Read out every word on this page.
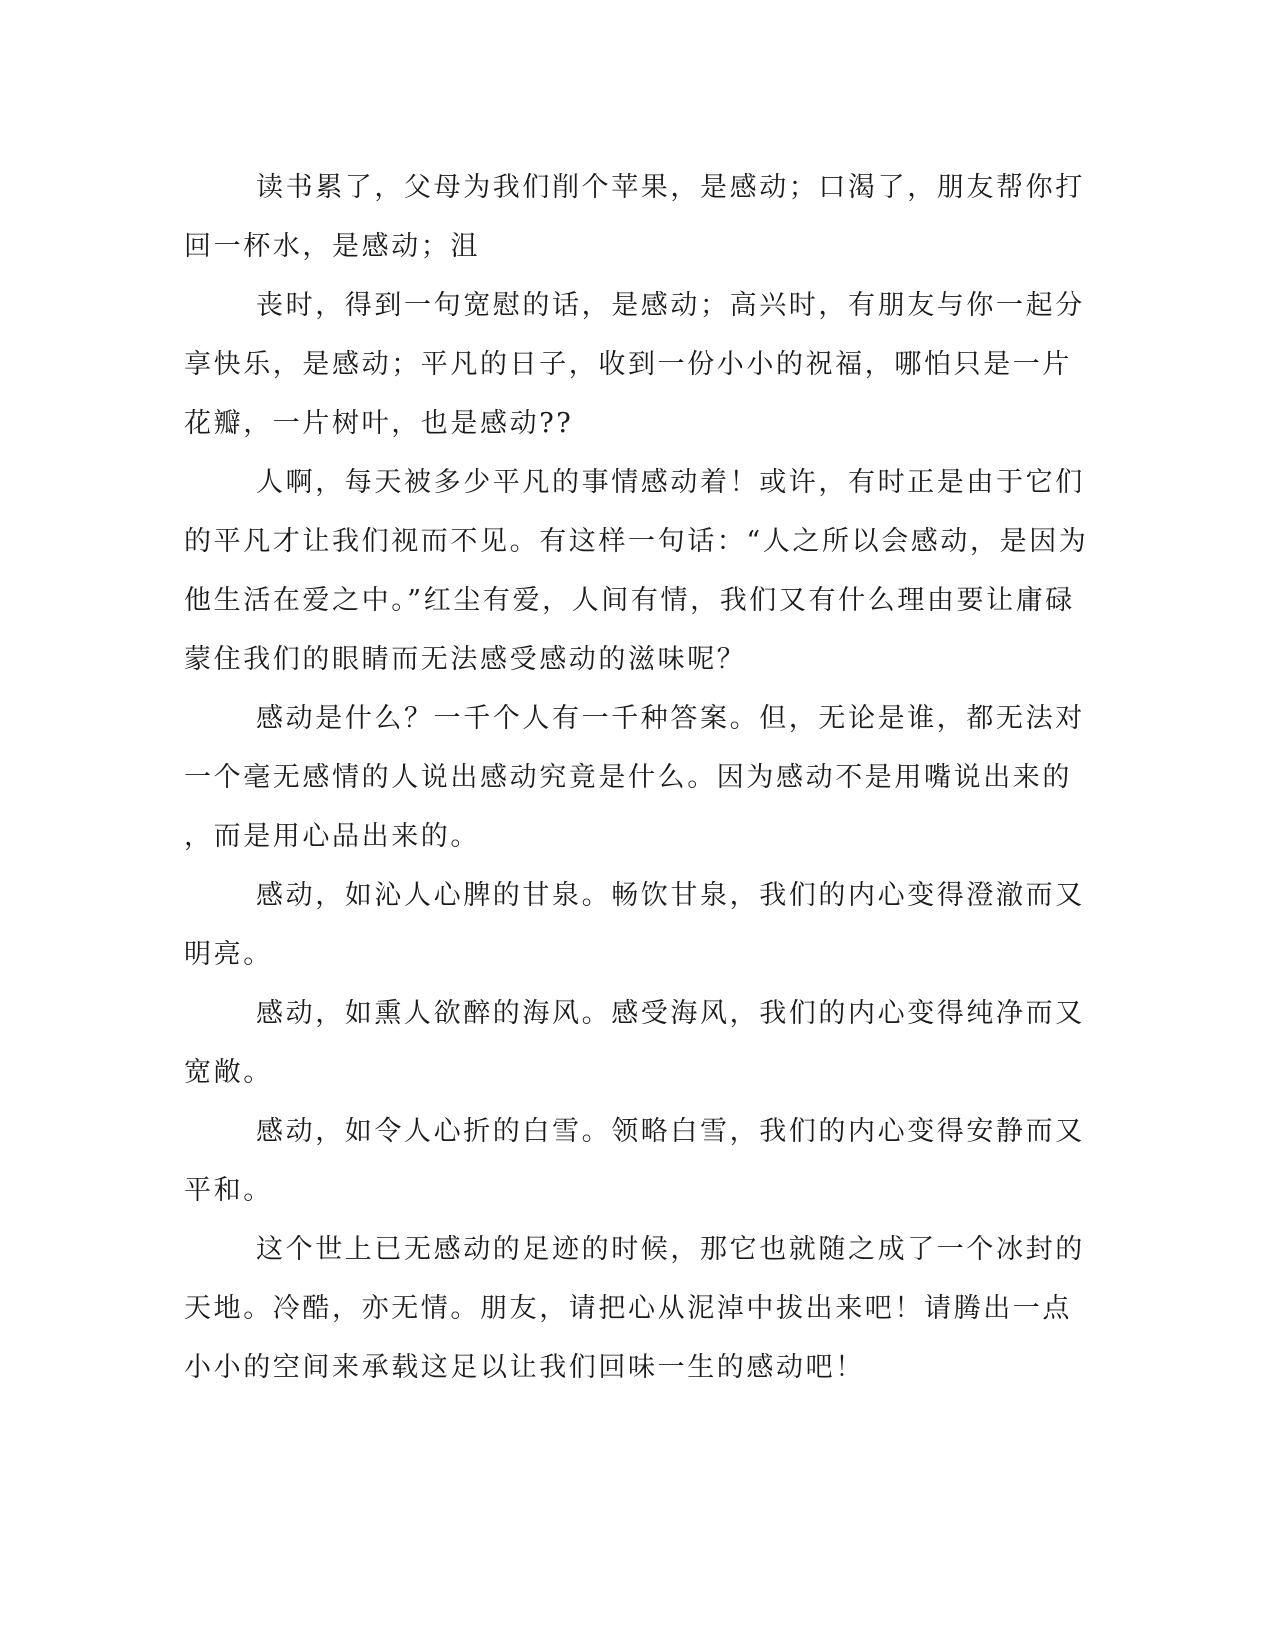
读书累了，父母为我们削个苹果，是感动；口渴了，朋友帮你打
回一杯水，是感动；沮
丧时，得到一句宽慰的话，是感动；高兴时，有朋友与你一起分
享快乐，是感动；平凡的日子，收到一份小小的祝福，哪怕只是一片
花瓣，一片树叶，也是感动??
人啊，每天被多少平凡的事情感动着！或许，有时正是由于它们
的平凡才让我们视而不见。有这样一句话：“人之所以会感动，是因为
他生活在爱之中。”红尘有爱，人间有情，我们又有什么理由要让庸碌
蒙住我们的眼睛而无法感受感动的滋味呢？
感动是什么？一千个人有一千种答案。但，无论是谁，都无法对
一个毫无感情的人说出感动究竟是什么。因为感动不是用嘴说出来的
，而是用心品出来的。
感动，如沁人心脾的甘泉。畅饮甘泉，我们的内心变得澄澈而又
明亮。
感动，如熏人欲醉的海风。感受海风，我们的内心变得纯净而又
宽敞。
感动，如令人心折的白雪。领略白雪，我们的内心变得安静而又
平和。
这个世上已无感动的足迹的时候，那它也就随之成了一个冰封的
天地。冷酷，亦无情。朋友，请把心从泥淖中拔出来吧！请腾出一点
小小的空间来承载这足以让我们回味一生的感动吧！
